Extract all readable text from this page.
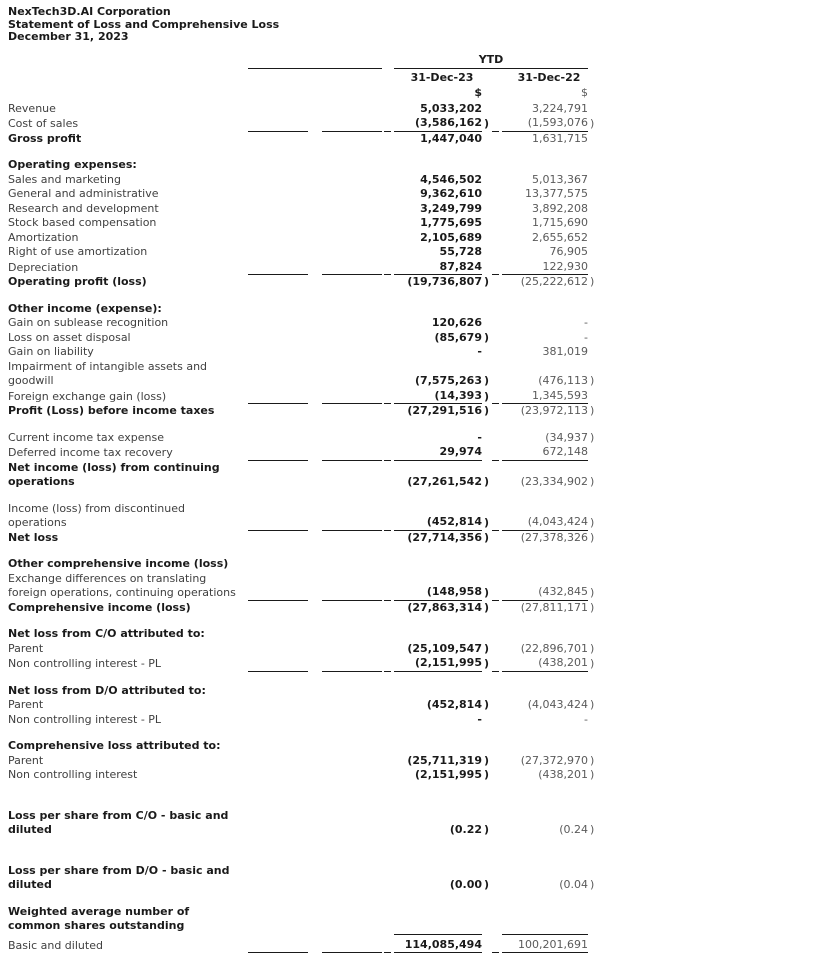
NexTech3D.AI Corporation
Statement of Loss and Comprehensive Loss
December 31, 2023
YTD
31-Dec-23	31-Dec-22
$	$
Revenue	5,033,202	3,224,791
Cost of sales	(3,586,162 )	(1,593,076 )
Gross profit	1,447,040	1,631,715
Operating expenses:
Sales and marketing	4,546,502	5,013,367
General and administrative	9,362,610	13,377,575
Research and development	3,249,799	3,892,208
Stock based compensation	1,775,695	1,715,690
Amortization	2,105,689	2,655,652
Right of use amortization	55,728	76,905
Depreciation	87,824	122,930
Operating profit (loss)	(19,736,807 )	(25,222,612 )
Other income (expense):
Gain on sublease recognition	120,626	-
Loss on asset disposal	(85,679 )	-
Gain on liability	-	381,019
Impairment of intangible assets and goodwill	(7,575,263 )	(476,113 )
Foreign exchange gain (loss)	(14,393 )	1,345,593
Profit (Loss) before income taxes	(27,291,516 )	(23,972,113 )
Current income tax expense	-	(34,937 )
Deferred income tax recovery	29,974	672,148
Net income (loss) from continuing operations	(27,261,542 )	(23,334,902 )
Income (loss) from discontinued operations	(452,814 )	(4,043,424 )
Net loss	(27,714,356 )	(27,378,326 )
Other comprehensive income (loss)
Exchange differences on translating foreign operations, continuing operations	(148,958 )	(432,845 )
Comprehensive income (loss)	(27,863,314 )	(27,811,171 )
Net loss from C/O attributed to:
Parent	(25,109,547 )	(22,896,701 )
Non controlling interest - PL	(2,151,995 )	(438,201 )
Net loss from D/O attributed to:
Parent	(452,814 )	(4,043,424 )
Non controlling interest - PL	-	-
Comprehensive loss attributed to:
Parent	(25,711,319 )	(27,372,970 )
Non controlling interest	(2,151,995 )	(438,201 )
Loss per share from C/O - basic and diluted	(0.22 )	(0.24 )
Loss per share from D/O - basic and diluted	(0.00 )	(0.04 )
Weighted average number of common shares outstanding
Basic and diluted	114,085,494	100,201,691
